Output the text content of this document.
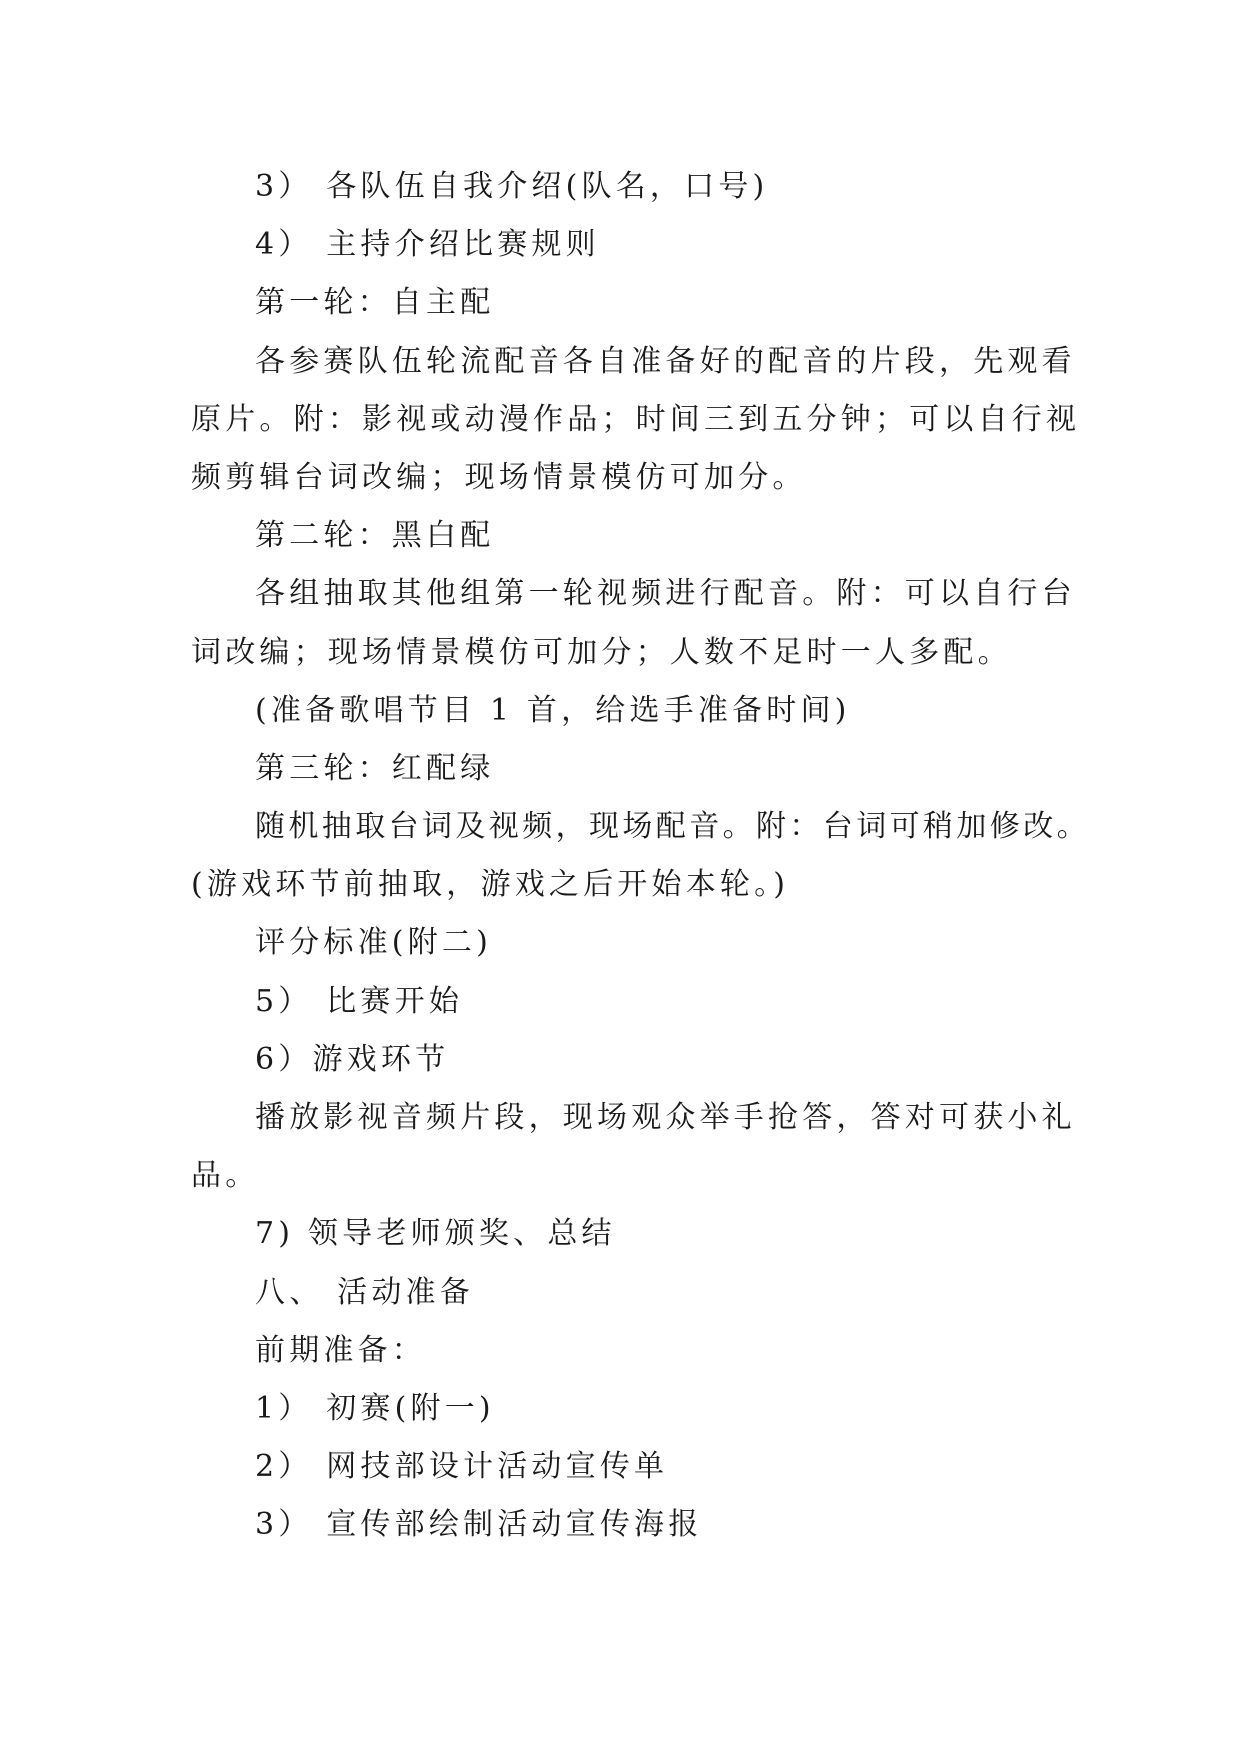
3） 各队伍自我介绍(队名，口号)
4） 主持介绍比赛规则
第一轮：自主配
各参赛队伍轮流配音各自准备好的配音的片段，先观看
原片。附：影视或动漫作品；时间三到五分钟；可以自行视
频剪辑台词改编；现场情景模仿可加分。
第二轮：黑白配
各组抽取其他组第一轮视频进行配音。附：可以自行台
词改编；现场情景模仿可加分；人数不足时一人多配。
(准备歌唱节目 1 首，给选手准备时间)
第三轮：红配绿
随机抽取台词及视频，现场配音。附：台词可稍加修改。
(游戏环节前抽取，游戏之后开始本轮。)
评分标准(附二)
5） 比赛开始
6）游戏环节
播放影视音频片段，现场观众举手抢答，答对可获小礼
品。
7) 领导老师颁奖、总结
八、 活动准备
前期准备：
1） 初赛(附一)
2） 网技部设计活动宣传单
3） 宣传部绘制活动宣传海报
